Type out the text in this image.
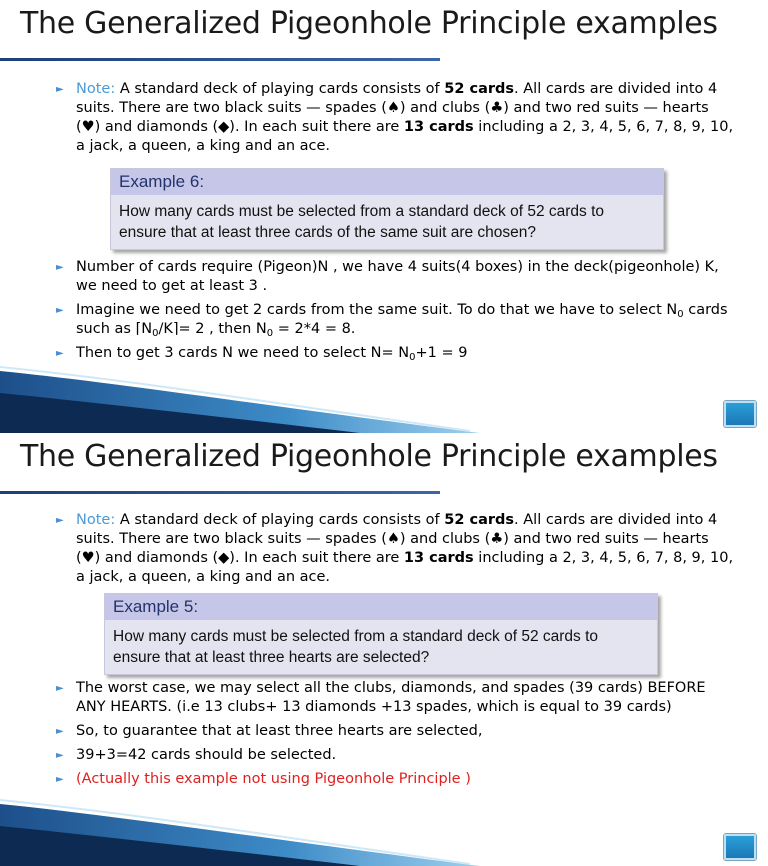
The Generalized Pigeonhole Principle examples
► Note: A standard deck of playing cards consists of 52 cards. All cards are divided into 4 suits. There are two black suits — spades (♠) and clubs (♣) and two red suits — hearts (♥) and diamonds (◆). In each suit there are 13 cards including a 2, 3, 4, 5, 6, 7, 8, 9, 10, a jack, a queen, a king and an ace.
Example 6:
How many cards must be selected from a standard deck of 52 cards to ensure that at least three cards of the same suit are chosen?
► Number of cards require (Pigeon)N , we have 4 suits(4 boxes) in the deck(pigeonhole) K, we need to get at least 3 .
► Imagine we need to get 2 cards from the same suit. To do that we have to select $N_0$ cards such as $⌈N_0/K⌉= 2$ , then $N_0 = 2*4 = 8$.
► Then to get 3 cards N we need to select $N= N_0+1 = 9$
The Generalized Pigeonhole Principle examples
► Note: A standard deck of playing cards consists of 52 cards. All cards are divided into 4 suits. There are two black suits — spades (♠) and clubs (♣) and two red suits — hearts (♥) and diamonds (◆). In each suit there are 13 cards including a 2, 3, 4, 5, 6, 7, 8, 9, 10, a jack, a queen, a king and an ace.
Example 5:
How many cards must be selected from a standard deck of 52 cards to ensure that at least three hearts are selected?
► The worst case, we may select all the clubs, diamonds, and spades (39 cards) BEFORE ANY HEARTS. (i.e 13 clubs+ 13 diamonds +13 spades, which is equal to 39 cards)
► So, to guarantee that at least three hearts are selected,
► 39+3=42 cards should be selected.
► (Actually this example not using Pigeonhole Principle )
